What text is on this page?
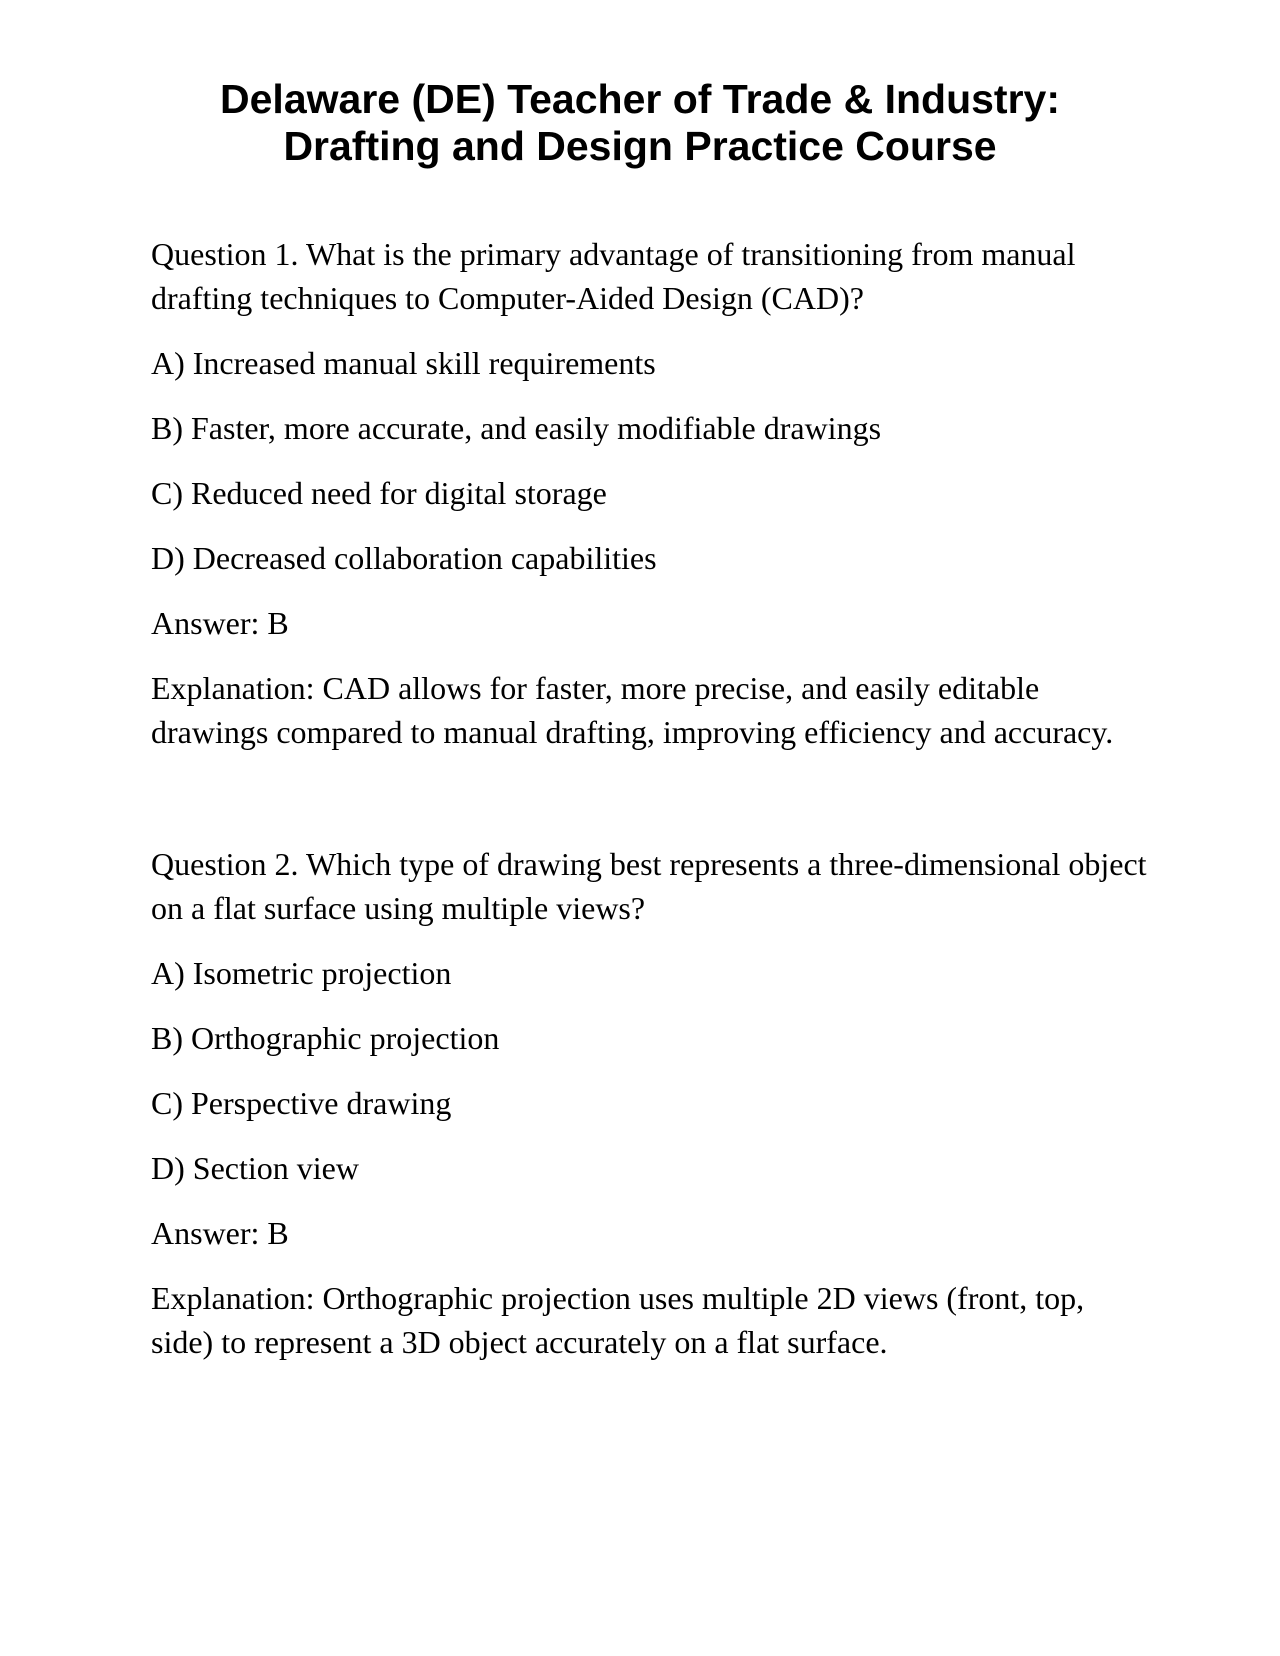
Delaware (DE) Teacher of Trade & Industry:
Drafting and Design Practice Course

Question 1. What is the primary advantage of transitioning from manual drafting techniques to Computer-Aided Design (CAD)?

A) Increased manual skill requirements

B) Faster, more accurate, and easily modifiable drawings

C) Reduced need for digital storage

D) Decreased collaboration capabilities

Answer: B

Explanation: CAD allows for faster, more precise, and easily editable drawings compared to manual drafting, improving efficiency and accuracy.

Question 2. Which type of drawing best represents a three-dimensional object on a flat surface using multiple views?

A) Isometric projection

B) Orthographic projection

C) Perspective drawing

D) Section view

Answer: B

Explanation: Orthographic projection uses multiple 2D views (front, top, side) to represent a 3D object accurately on a flat surface.
